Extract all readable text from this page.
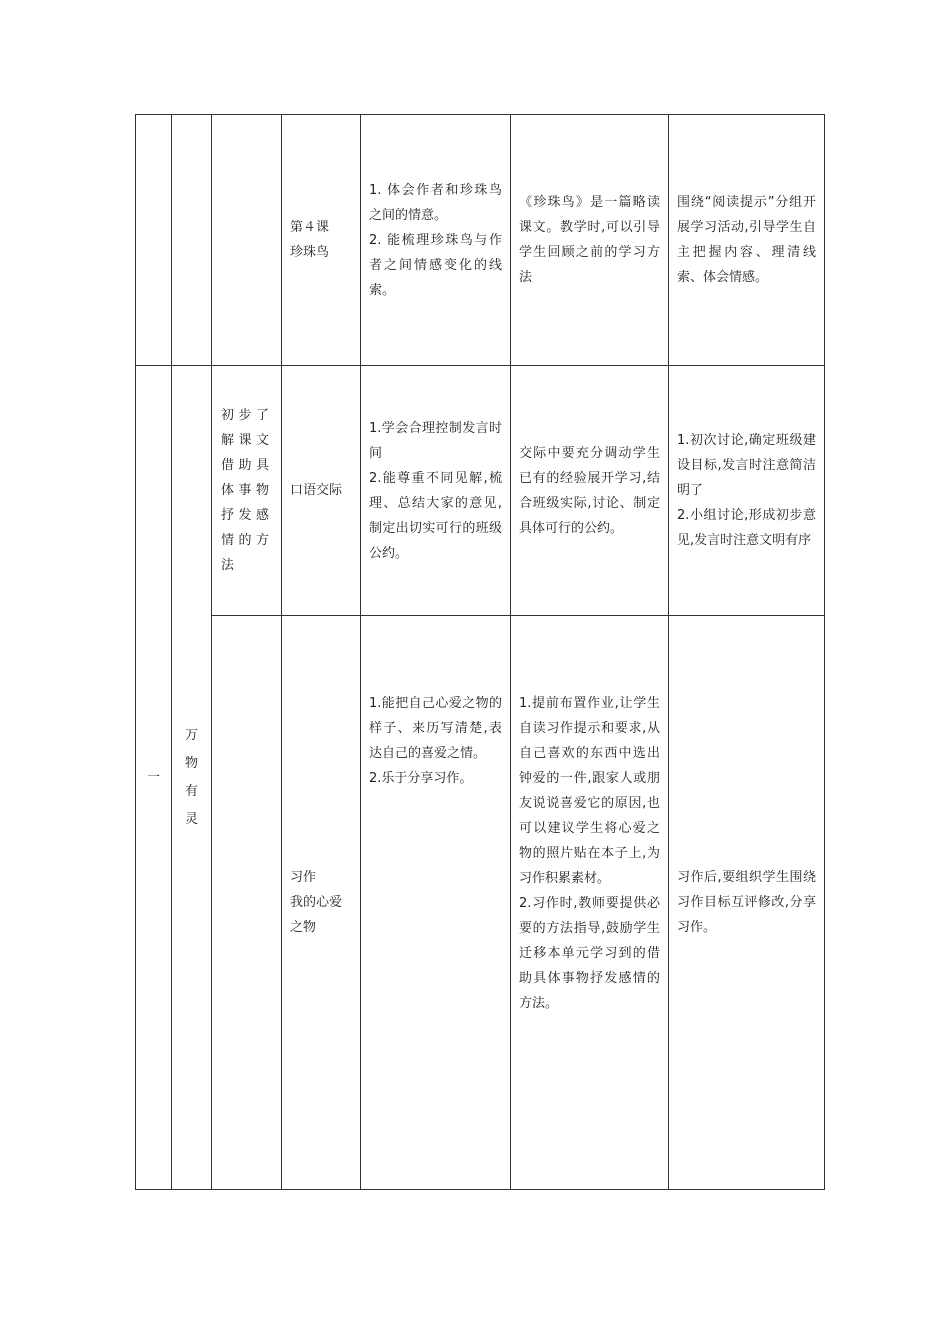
			第４课
珍珠鸟	1. 体会作者和珍珠鸟之间的情意。
2. 能梳理珍珠鸟与作者之间情感变化的线索。	《珍珠鸟》是一篇略读课文。教学时,可以引导学生回顾之前的学习方法	围绕“阅读提示”分组开展学习活动,引导学生自主把握内容、理清线索、体会情感。

一	万
物
有
灵	初步了解课文借助具体事物抒发感情的方法	口语交际	1.学会合理控制发言时间
2.能尊重不同见解,梳理、总结大家的意见,制定出切实可行的班级公约。	交际中要充分调动学生已有的经验展开学习,结合班级实际,讨论、制定具体可行的公约。	1.初次讨论,确定班级建设目标,发言时注意简洁明了
2.小组讨论,形成初步意见,发言时注意文明有序

			习作
我的心爱之物	1.能把自己心爱之物的样子、来历写清楚,表达自己的喜爱之情。
2.乐于分享习作。	1.提前布置作业,让学生自读习作提示和要求,从自己喜欢的东西中选出钟爱的一件,跟家人或朋友说说喜爱它的原因,也可以建议学生将心爱之物的照片贴在本子上,为习作积累素材。
2.习作时,教师要提供必要的方法指导,鼓励学生迁移本单元学习到的借助具体事物抒发感情的方法。	习作后,要组织学生围绕习作目标互评修改,分享习作。
